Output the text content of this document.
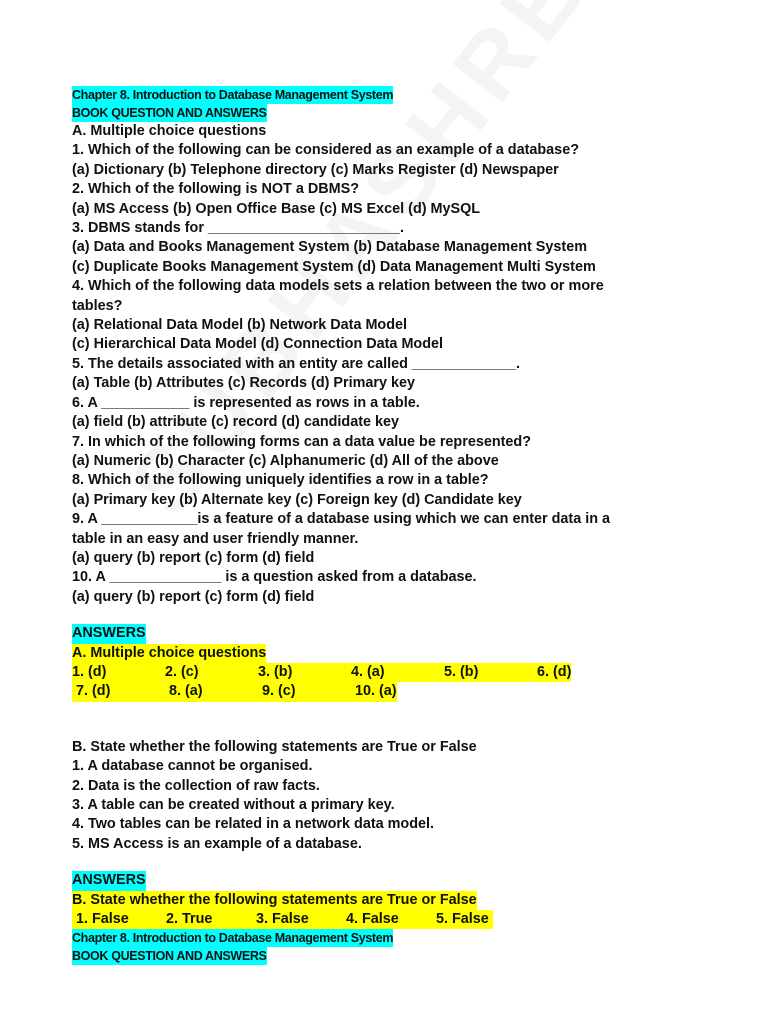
Chapter 8. Introduction to Database Management System
BOOK QUESTION AND ANSWERS
A. Multiple choice questions
1. Which of the following can be considered as an example of a database?
(a) Dictionary (b) Telephone directory (c) Marks Register (d) Newspaper
2. Which of the following is NOT a DBMS?
(a) MS Access (b) Open Office Base (c) MS Excel (d) MySQL
3. DBMS stands for ________________________.
(a) Data and Books Management System (b) Database Management System
(c) Duplicate Books Management System (d) Data Management Multi System
4. Which of the following data models sets a relation between the two or more
tables?
(a) Relational Data Model (b) Network Data Model
(c) Hierarchical Data Model (d) Connection Data Model
5. The details associated with an entity are called _____________.
(a) Table (b) Attributes (c) Records (d) Primary key
6. A ___________ is represented as rows in a table.
(a) field (b) attribute (c) record (d) candidate key
7. In which of the following forms can a data value be represented?
(a) Numeric (b) Character (c) Alphanumeric (d) All of the above
8. Which of the following uniquely identifies a row in a table?
(a) Primary key (b) Alternate key (c) Foreign key (d) Candidate key
9. A ____________is a feature of a database using which we can enter data in a
table in an easy and user friendly manner.
(a) query (b) report (c) form (d) field
10. A ______________ is a question asked from a database.
(a) query (b) report (c) form (d) field
ANSWERS
A. Multiple choice questions
1. (d)	2. (c)	3. (b)	4. (a)	5. (b)	6. (d)
7. (d)	8. (a)	9. (c)	10. (a)
B. State whether the following statements are True or False
1. A database cannot be organised.
2. Data is the collection of raw facts.
3. A table can be created without a primary key.
4. Two tables can be related in a network data model.
5. MS Access is an example of a database.
ANSWERS
B. State whether the following statements are True or False
1. False	2. True	3. False	4. False	5. False
Chapter 8. Introduction to Database Management System
BOOK QUESTION AND ANSWERS
